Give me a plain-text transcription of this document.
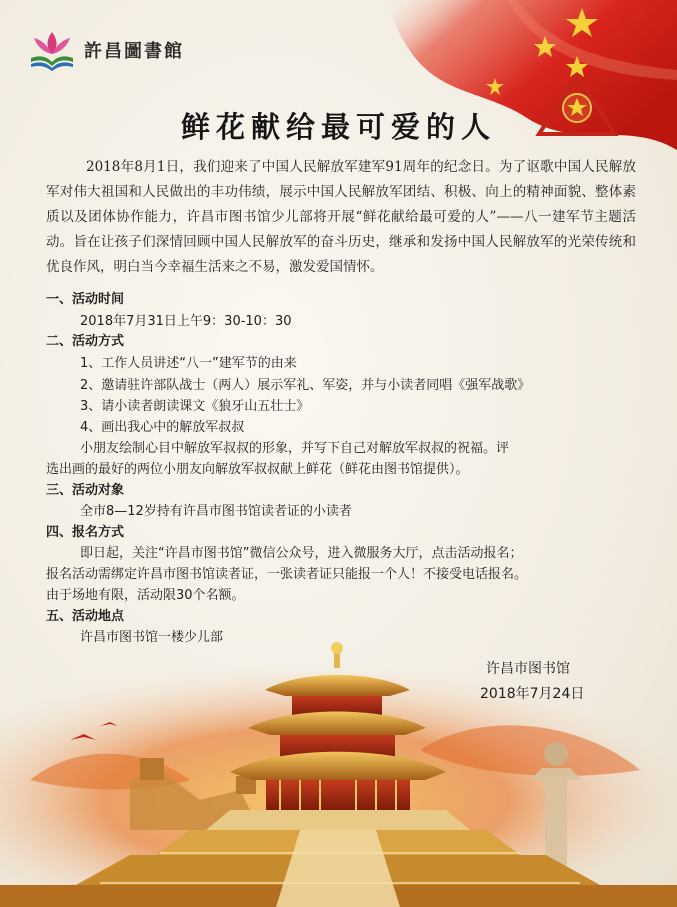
許昌圖書館
鲜花献给最可爱的人
2018年8月1日，我们迎来了中国人民解放军建军91周年的纪念日。为了讴歌中国人民解放军对伟大祖国和人民做出的丰功伟绩，展示中国人民解放军团结、积极、向上的精神面貌、整体素质以及团体协作能力，许昌市图书馆少儿部将开展“鲜花献给最可爱的人”——八一建军节主题活动。旨在让孩子们深情回顾中国人民解放军的奋斗历史，继承和发扬中国人民解放军的光荣传统和优良作风，明白当今幸福生活来之不易，激发爱国情怀。
一、活动时间
2018年7月31日上午9：30-10：30
二、活动方式
1、工作人员讲述“八一”建军节的由来
2、邀请驻许部队战士（两人）展示军礼、军姿，并与小读者同唱《强军战歌》
3、请小读者朗读课文《狼牙山五壮士》
4、画出我心中的解放军叔叔
小朋友绘制心目中解放军叔叔的形象，并写下自己对解放军叔叔的祝福。评
选出画的最好的两位小朋友向解放军叔叔献上鲜花（鲜花由图书馆提供）。
三、活动对象
全市8—12岁持有许昌市图书馆读者证的小读者
四、报名方式
即日起，关注“许昌市图书馆”微信公众号，进入微服务大厅，点击活动报名；
报名活动需绑定许昌市图书馆读者证，一张读者证只能报一个人！不接受电话报名。
由于场地有限，活动限30个名额。
五、活动地点
许昌市图书馆一楼少儿部
许昌市图书馆
2018年7月24日
